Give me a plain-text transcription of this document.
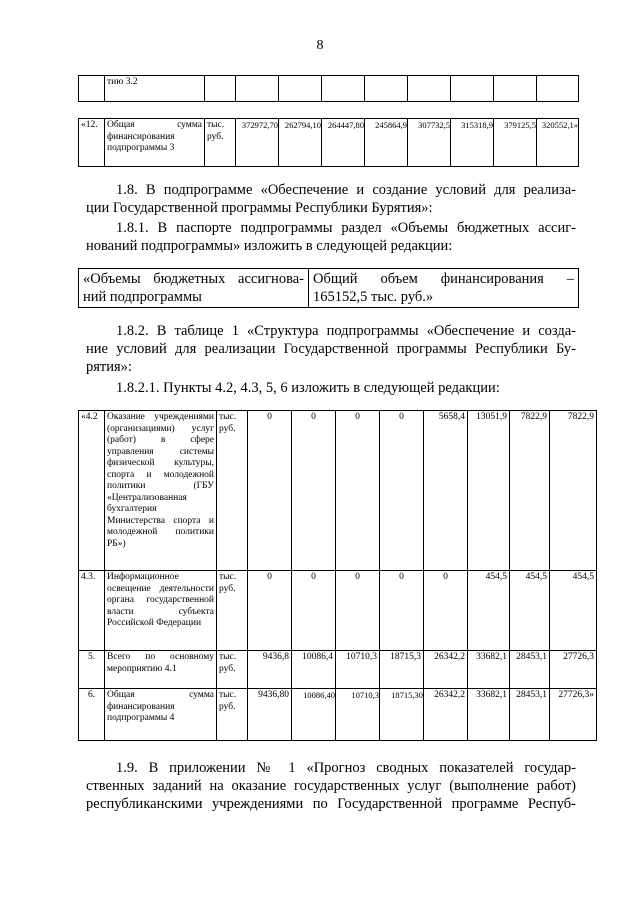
8
	тию 3.2									
«12.	Общая сумма финансирования подпрограммы 3	тыс. руб.	372972,70	262794,10	264447,80	245864,9	307732,5	315318,9	379125,5	320552,1»
1.8. В подпрограмме «Обеспечение и создание условий для реализа-
ции Государственной программы Республики Бурятия»:
1.8.1. В паспорте подпрограммы раздел «Объемы бюджетных ассиг-
нований подпрограммы» изложить в следующей редакции:
«Объемы бюджетных ассигнова-
ний подпрограммы

Общий объем финансирования –
165152,5 тыс. руб.»
1.8.2. В таблице 1 «Структура подпрограммы «Обеспечение и созда-
ние условий для реализации Государственной программы Республики Бу-
рятия»:
1.8.2.1. Пункты 4.2, 4.3, 5, 6 изложить в следующей редакции:
«4.2	Оказание учреждениями (организациями) услуг (работ) в сфере управления системы физической культуры, спорта и молодежной политики (ГБУ «Централизованная бухгалтерия Министерства спорта и молодежной политики РБ»)	тыс. руб.	0	0	0	0	5658,4	13051,9	7822,9	7822,9
4.3.	Информационное освещение деятельности органа государственной власти субъекта Российской Федерации	тыс. руб.	0	0	0	0	0	454,5	454,5	454,5
5.	Всего по основному мероприятию 4.1	тыс. руб.	9436,8	10086,4	10710,3	18715,3	26342,2	33682,1	28453,1	27726,3
6.	Общая сумма финансирования подпрограммы 4	тыс. руб.	9436,80	10086,40	10710,3	18715,30	26342,2	33682,1	28453,1	27726,3»
1.9. В приложении № 1 «Прогноз сводных показателей государ-
ственных заданий на оказание государственных услуг (выполнение работ)
республиканскими учреждениями по Государственной программе Респуб-
